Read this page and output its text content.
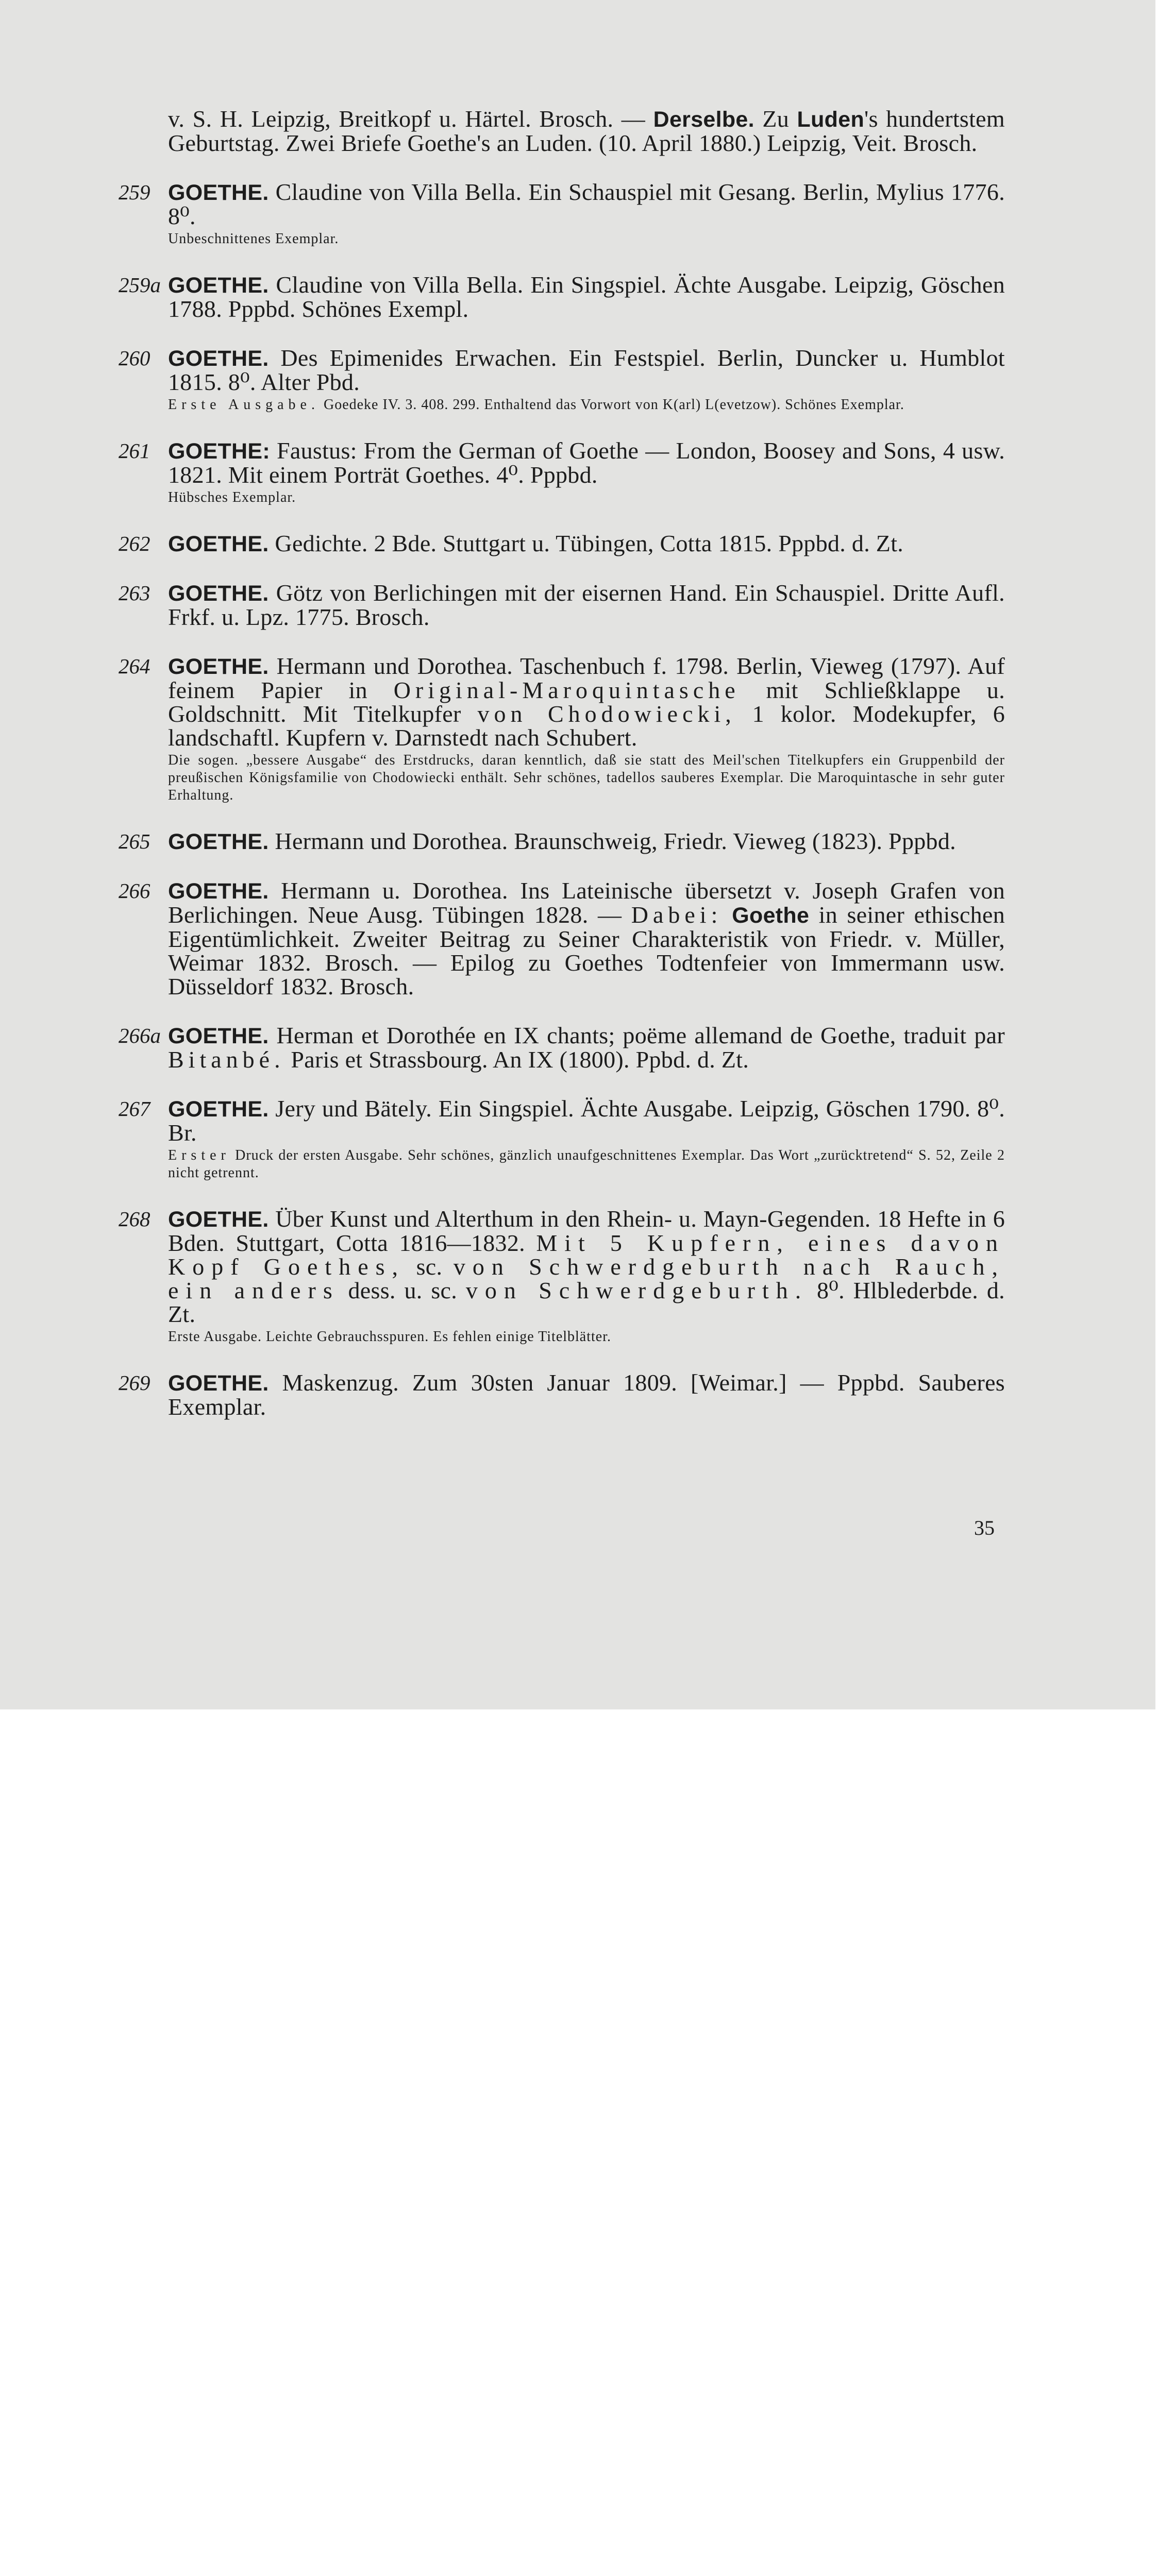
v. S. H. Leipzig, Breitkopf u. Härtel. Brosch. — Derselbe. Zu Luden's hundertstem Geburtstag. Zwei Briefe Goethe's an Luden. (10. April 1880.) Leipzig, Veit. Brosch.
259 GOETHE. Claudine von Villa Bella. Ein Schauspiel mit Gesang. Berlin, Mylius 1776. 8⁰.
Unbeschnittenes Exemplar.
259a GOETHE. Claudine von Villa Bella. Ein Singspiel. Ächte Ausgabe. Leipzig, Göschen 1788. Pppbd. Schönes Exempl.
260 GOETHE. Des Epimenides Erwachen. Ein Festspiel. Berlin, Duncker u. Humblot 1815. 8⁰. Alter Pbd.
Erste Ausgabe. Goedeke IV. 3. 408. 299. Enthaltend das Vorwort von K(arl) L(evetzow). Schönes Exemplar.
261 GOETHE: Faustus: From the German of Goethe — London, Boosey and Sons, 4 usw. 1821. Mit einem Porträt Goethes. 4⁰. Pppbd.
Hübsches Exemplar.
262 GOETHE. Gedichte. 2 Bde. Stuttgart u. Tübingen, Cotta 1815. Pppbd. d. Zt.
263 GOETHE. Götz von Berlichingen mit der eisernen Hand. Ein Schauspiel. Dritte Aufl. Frkf. u. Lpz. 1775. Brosch.
264 GOETHE. Hermann und Dorothea. Taschenbuch f. 1798. Berlin, Vieweg (1797). Auf feinem Papier in Original-Maroquintasche mit Schließklappe u. Goldschnitt. Mit Titelkupfer von Chodowiecki, 1 kolor. Modekupfer, 6 landschaftl. Kupfern v. Darnstedt nach Schubert.
Die sogen. „bessere Ausgabe“ des Erstdrucks, daran kenntlich, daß sie statt des Meil'schen Titelkupfers ein Gruppenbild der preußischen Königsfamilie von Chodowiecki enthält. Sehr schönes, tadellos sauberes Exemplar. Die Maroquintasche in sehr guter Erhaltung.
265 GOETHE. Hermann und Dorothea. Braunschweig, Friedr. Vieweg (1823). Pppbd.
266 GOETHE. Hermann u. Dorothea. Ins Lateinische übersetzt v. Joseph Grafen von Berlichingen. Neue Ausg. Tübingen 1828. — Dabei: Goethe in seiner ethischen Eigentümlichkeit. Zweiter Beitrag zu Seiner Charakteristik von Friedr. v. Müller, Weimar 1832. Brosch. — Epilog zu Goethes Todtenfeier von Immermann usw. Düsseldorf 1832. Brosch.
266a GOETHE. Herman et Dorothée en IX chants; poëme allemand de Goethe, traduit par Bitanbé. Paris et Strassbourg. An IX (1800). Ppbd. d. Zt.
267 GOETHE. Jery und Bätely. Ein Singspiel. Ächte Ausgabe. Leipzig, Göschen 1790. 8⁰. Br.
Erster Druck der ersten Ausgabe. Sehr schönes, gänzlich unaufgeschnittenes Exemplar. Das Wort „zurücktretend“ S. 52, Zeile 2 nicht getrennt.
268 GOETHE. Über Kunst und Alterthum in den Rhein- u. Mayn-Gegenden. 18 Hefte in 6 Bden. Stuttgart, Cotta 1816—1832. Mit 5 Kupfern, eines davon Kopf Goethes, sc. von Schwerdgeburth nach Rauch, ein anders dess. u. sc. von Schwerdgeburth. 8⁰. Hlblederbde. d. Zt.
Erste Ausgabe. Leichte Gebrauchsspuren. Es fehlen einige Titelblätter.
269 GOETHE. Maskenzug. Zum 30sten Januar 1809. [Weimar.] — Pppbd. Sauberes Exemplar.
35
